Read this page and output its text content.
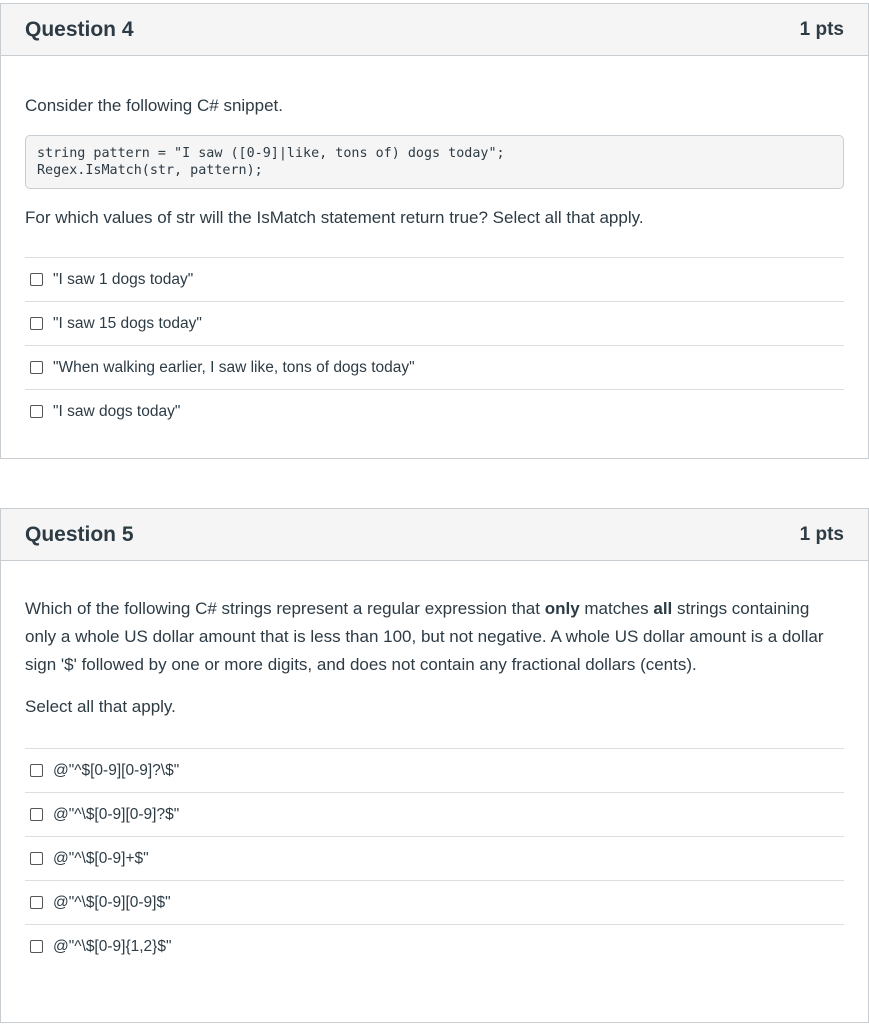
Question 4	1 pts

Consider the following C# snippet.

string pattern = "I saw ([0-9]|like, tons of) dogs today";
Regex.IsMatch(str, pattern);

For which values of str will the IsMatch statement return true? Select all that apply.

"I saw 1 dogs today"
"I saw 15 dogs today"
"When walking earlier, I saw like, tons of dogs today"
"I saw dogs today"
Question 5	1 pts

Which of the following C# strings represent a regular expression that only matches all strings containing only a whole US dollar amount that is less than 100, but not negative. A whole US dollar amount is a dollar sign '$' followed by one or more digits, and does not contain any fractional dollars (cents).

Select all that apply.

@"^$[0-9][0-9]?\$"
@"^\$[0-9][0-9]?$"
@"^\$[0-9]+$"
@"^\$[0-9][0-9]$"
@"^\$[0-9]{1,2}$"
